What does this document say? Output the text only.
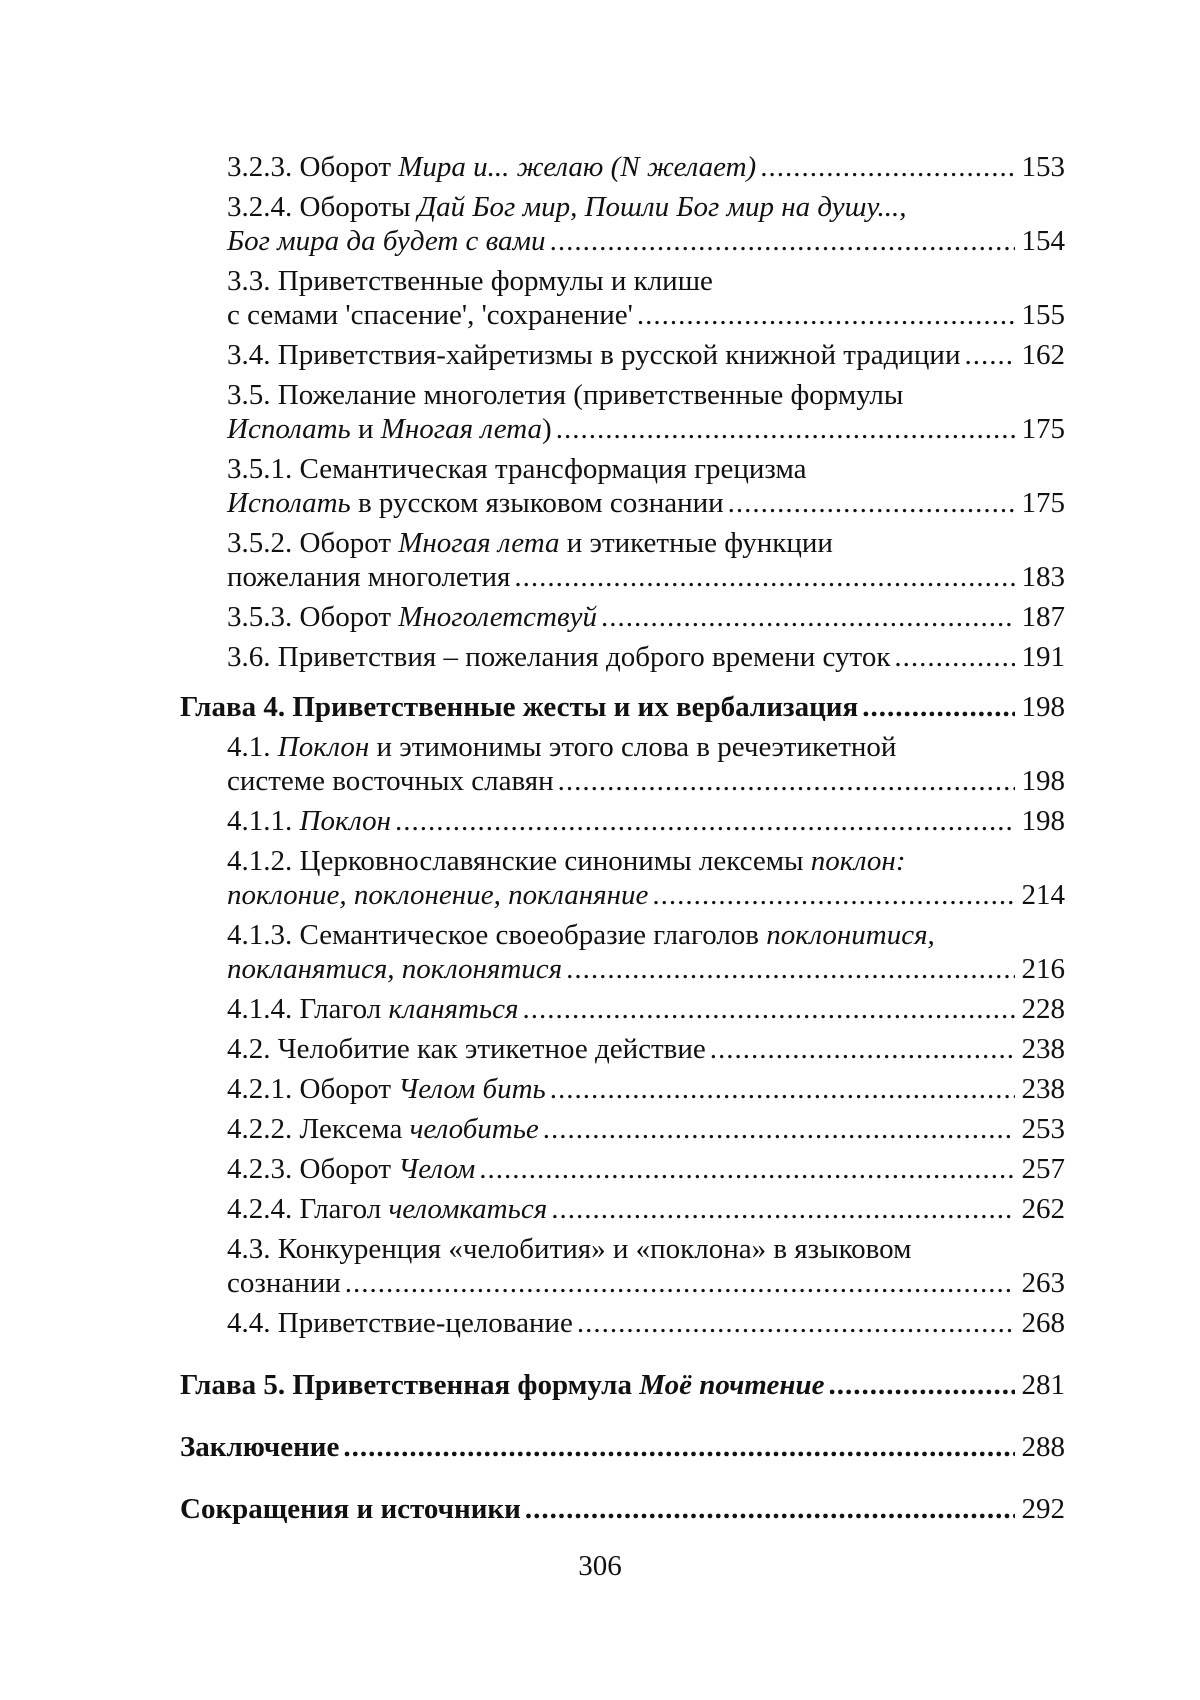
3.2.3. Оборот Мира и... желаю (N желает) .....	153
3.2.4. Обороты Дай Бог мир, Пошли Бог мир на душу...,
Бог мира да будет с вами .....	154
3.3. Приветственные формулы и клише
с семами 'спасение', 'сохранение' .....	155
3.4. Приветствия-хайретизмы в русской книжной традиции ..... 162
3.5. Пожелание многолетия (приветственные формулы
Исполать и Многая лета) .....	175
3.5.1. Семантическая трансформация грецизма
Исполать в русском языковом сознании .....	175
3.5.2. Оборот Многая лета и этикетные функции
пожелания многолетия .....	183
3.5.3. Оборот Многолетствуй .....	187
3.6. Приветствия – пожелания доброго времени суток .....	191
Глава 4. Приветственные жесты и их вербализация .....	198
4.1. Поклон и этимонимы этого слова в речеэтикетной
системе восточных славян .....	198
4.1.1. Поклон .....	198
4.1.2. Церковнославянские синонимы лексемы поклон:
поклоние, поклонение, покланяние .....	214
4.1.3. Семантическое своеобразие глаголов поклонитися,
покланятися, поклонятися .....	216
4.1.4. Глагол кланяться .....	228
4.2. Челобитие как этикетное действие .....	238
4.2.1. Оборот Челом бить .....	238
4.2.2. Лексема челобитье .....	253
4.2.3. Оборот Челом .....	257
4.2.4. Глагол челомкаться .....	262
4.3. Конкуренция «челобития» и «поклона» в языковом
сознании .....	263
4.4. Приветствие-целование .....	268
Глава 5. Приветственная формула Моё почтение .....	281
Заключение .....	288
Сокращения и источники .....	292
306
